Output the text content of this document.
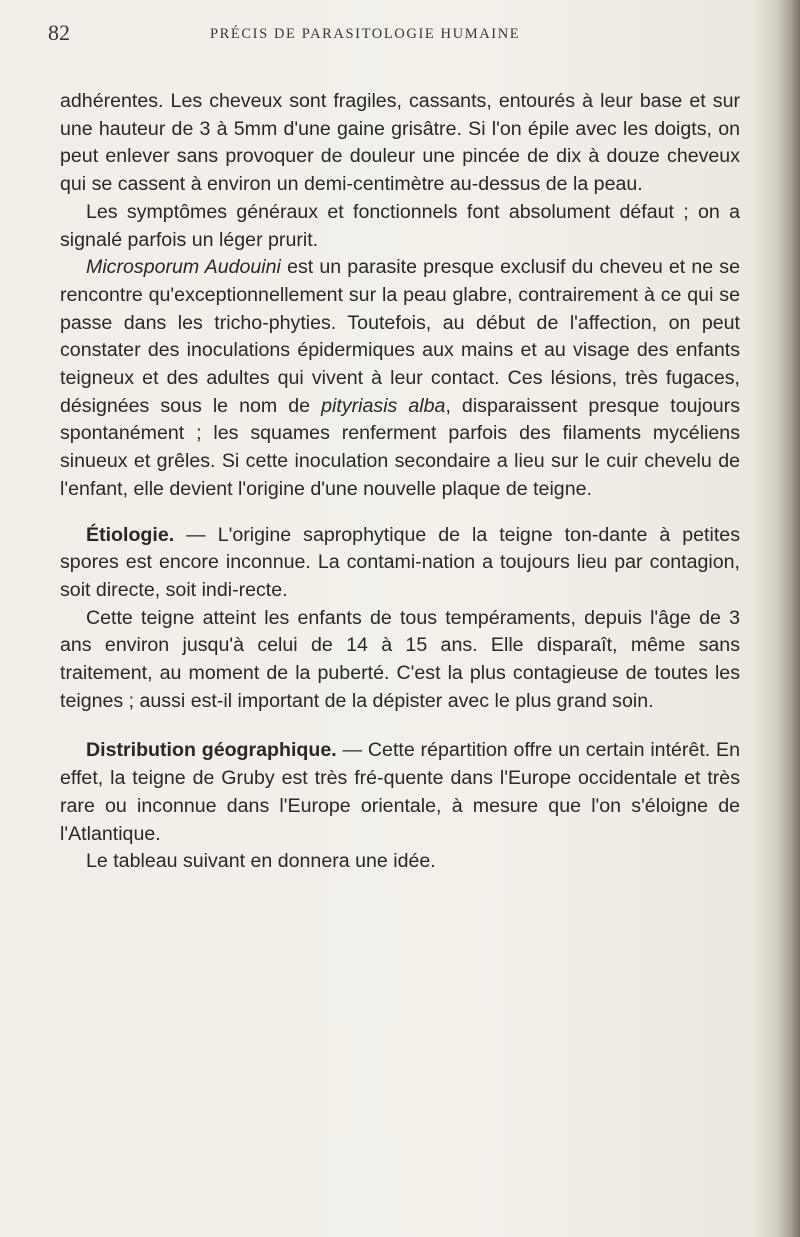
82	PRÉCIS DE PARASITOLOGIE HUMAINE

adhérentes. Les cheveux sont fragiles, cassants, entourés à leur base et sur une hauteur de 3 à 5mm d'une gaine grisâtre. Si l'on épile avec les doigts, on peut enlever sans provoquer de douleur une pincée de dix à douze cheveux qui se cassent à environ un demi-centimètre au-dessus de la peau.

Les symptômes généraux et fonctionnels font absolument défaut ; on a signalé parfois un léger prurit.

Microsporum Audouini est un parasite presque exclusif du cheveu et ne se rencontre qu'exceptionnellement sur la peau glabre, contrairement à ce qui se passe dans les tricho-phyties. Toutefois, au début de l'affection, on peut constater des inoculations épidermiques aux mains et au visage des enfants teigneux et des adultes qui vivent à leur contact. Ces lésions, très fugaces, désignées sous le nom de pityriasis alba, disparaissent presque toujours spontanément ; les squames renferment parfois des filaments mycéliens sinueux et grêles. Si cette inoculation secondaire a lieu sur le cuir chevelu de l'enfant, elle devient l'origine d'une nouvelle plaque de teigne.

Étiologie. — L'origine saprophytique de la teigne ton-dante à petites spores est encore inconnue. La contami-nation a toujours lieu par contagion, soit directe, soit indi-recte.

Cette teigne atteint les enfants de tous tempéraments, depuis l'âge de 3 ans environ jusqu'à celui de 14 à 15 ans. Elle disparaît, même sans traitement, au moment de la puberté. C'est la plus contagieuse de toutes les teignes ; aussi est-il important de la dépister avec le plus grand soin.

Distribution géographique. — Cette répartition offre un certain intérêt. En effet, la teigne de Gruby est très fré-quente dans l'Europe occidentale et très rare ou inconnue dans l'Europe orientale, à mesure que l'on s'éloigne de l'Atlantique.

Le tableau suivant en donnera une idée.
